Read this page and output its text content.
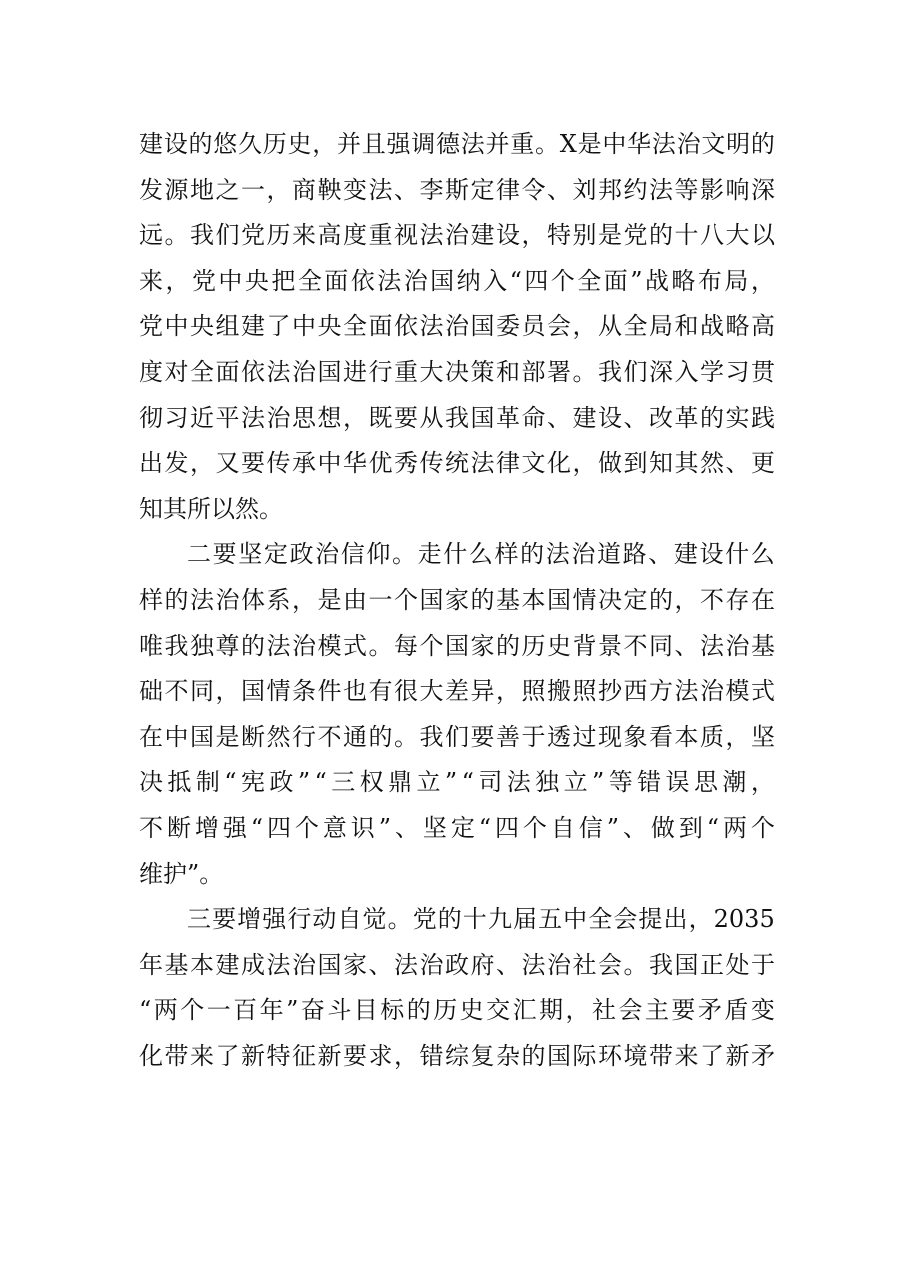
建 设 的 悠 久 历 史 ， 并 且 强 调 德 法 并 重 。 X 是 中 华 法 治 文 明 的
发 源 地 之 一 ， 商 鞅 变 法 、 李 斯 定 律 令 、 刘 邦 约 法 等 影 响 深
远 。 我 们 党 历 来 高 度 重 视 法 治 建 设 ， 特 别 是 党 的 十 八 大 以
来 ， 党 中 央 把 全 面 依 法 治 国 纳 入 “ 四 个 全 面 ” 战 略 布 局 ，
党 中 央 组 建 了 中 央 全 面 依 法 治 国 委 员 会 ， 从 全 局 和 战 略 高
度 对 全 面 依 法 治 国 进 行 重 大 决 策 和 部 署 。 我 们 深 入 学 习 贯
彻 习 近 平 法 治 思 想 ， 既 要 从 我 国 革 命 、 建 设 、 改 革 的 实 践
出 发 ， 又 要 传 承 中 华 优 秀 传 统 法 律 文 化 ， 做 到 知 其 然 、 更
知 其 所 以 然 。
二 要 坚 定 政 治 信 仰 。 走 什 么 样 的 法 治 道 路 、 建 设 什 么
样 的 法 治 体 系 ， 是 由 一 个 国 家 的 基 本 国 情 决 定 的 ， 不 存 在
唯 我 独 尊 的 法 治 模 式 。 每 个 国 家 的 历 史 背 景 不 同 、 法 治 基
础 不 同 ， 国 情 条 件 也 有 很 大 差 异 ， 照 搬 照 抄 西 方 法 治 模 式
在 中 国 是 断 然 行 不 通 的 。 我 们 要 善 于 透 过 现 象 看 本 质 ， 坚
决 抵 制 “ 宪 政 ” “ 三 权 鼎 立 ” “ 司 法 独 立 ” 等 错 误 思 潮 ，
不 断 增 强 “ 四 个 意 识 ” 、 坚 定 “ 四 个 自 信 ” 、 做 到 “ 两 个
维 护 ” 。
三 要 增 强 行 动 自 觉 。 党 的 十 九 届 五 中 全 会 提 出 ， 2035
年 基 本 建 成 法 治 国 家 、 法 治 政 府 、 法 治 社 会 。 我 国 正 处 于
“ 两 个 一 百 年 ” 奋 斗 目 标 的 历 史 交 汇 期 ， 社 会 主 要 矛 盾 变
化 带 来 了 新 特 征 新 要 求 ， 错 综 复 杂 的 国 际 环 境 带 来 了 新 矛
